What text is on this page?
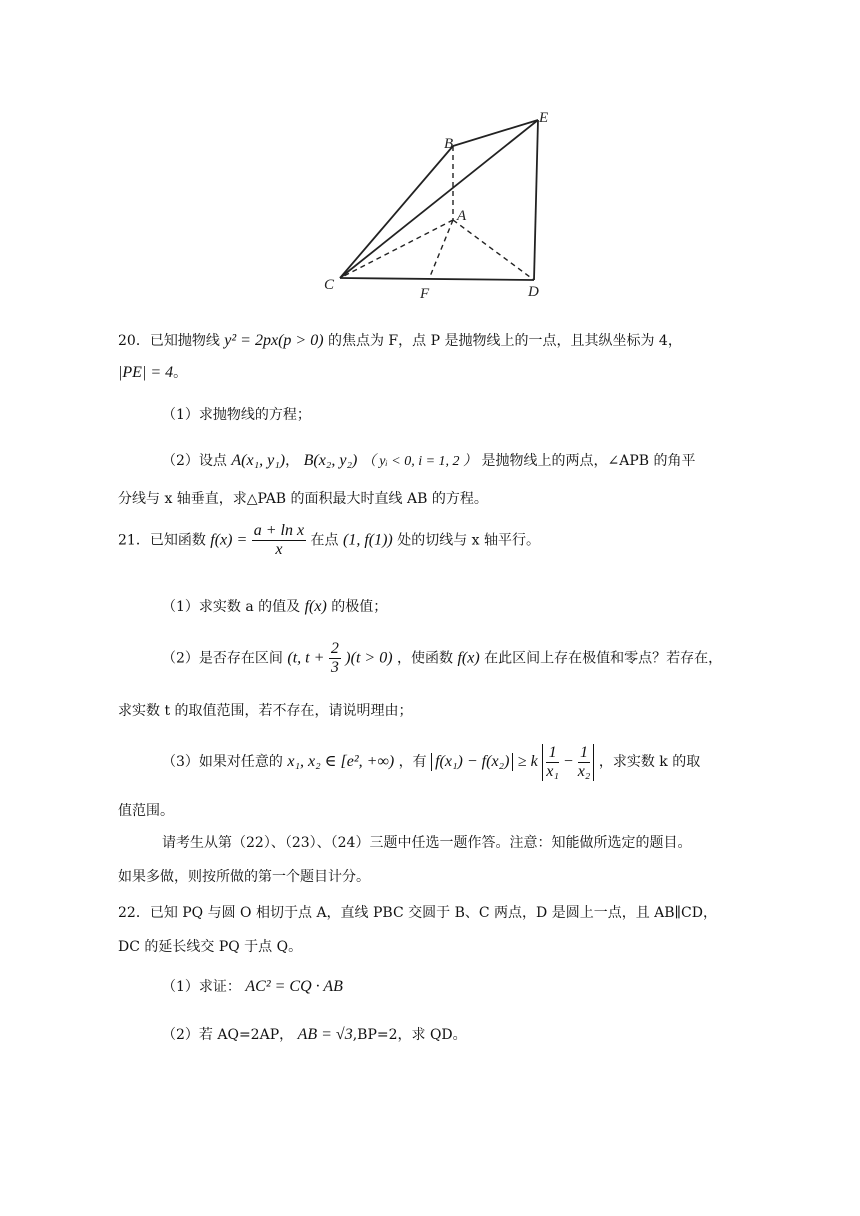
B
E
A
C
F	D
20．已知抛物线 y² = 2px(p > 0) 的焦点为 F，点 P 是抛物线上的一点，且其纵坐标为 4，
|PE| = 4。
（1）求抛物线的方程；
（2）设点 A(x₁, y₁)， B(x₂, y₂) （ yᵢ < 0, i = 1, 2 ） 是抛物线上的两点，∠APB 的角平
分线与 x 轴垂直，求△PAB 的面积最大时直线 AB 的方程。
21．已知函数 $f(x) = \frac{\text{a + ln x}}{x}$ 在点 (1, f(1)) 处的切线与 x 轴平行。
（1）求实数 a 的值及 f(x) 的极值；
（2）是否存在区间 (t, $t + \frac{2}{3} )(t > 0)$ ，使函数 f(x) 在此区间上存在极值和零点？若存在，
求实数 t 的取值范围，若不存在，请说明理由；
（3）如果对任意的 x₁, x₂ ∈ [e², +∞) ，有 f(x₁) − f(x₂) ≥ k $\frac{1}{\text{x₁}} - \frac{1}{\text{x₂}}$ ，求实数 k 的取
值范围。
请考生从第（22）、（23）、（24）三题中任选一题作答。注意：知能做所选定的题目。
如果多做，则按所做的第一个题目计分。
22．已知 PQ 与圆 O 相切于点 A，直线 PBC 交圆于 B、C 两点，D 是圆上一点，且 AB∥CD，
DC 的延长线交 PQ 于点 Q。
（1）求证： AC² = CQ · AB
（2）若 AQ=2AP， AB = √3,BP=2，求 QD。
